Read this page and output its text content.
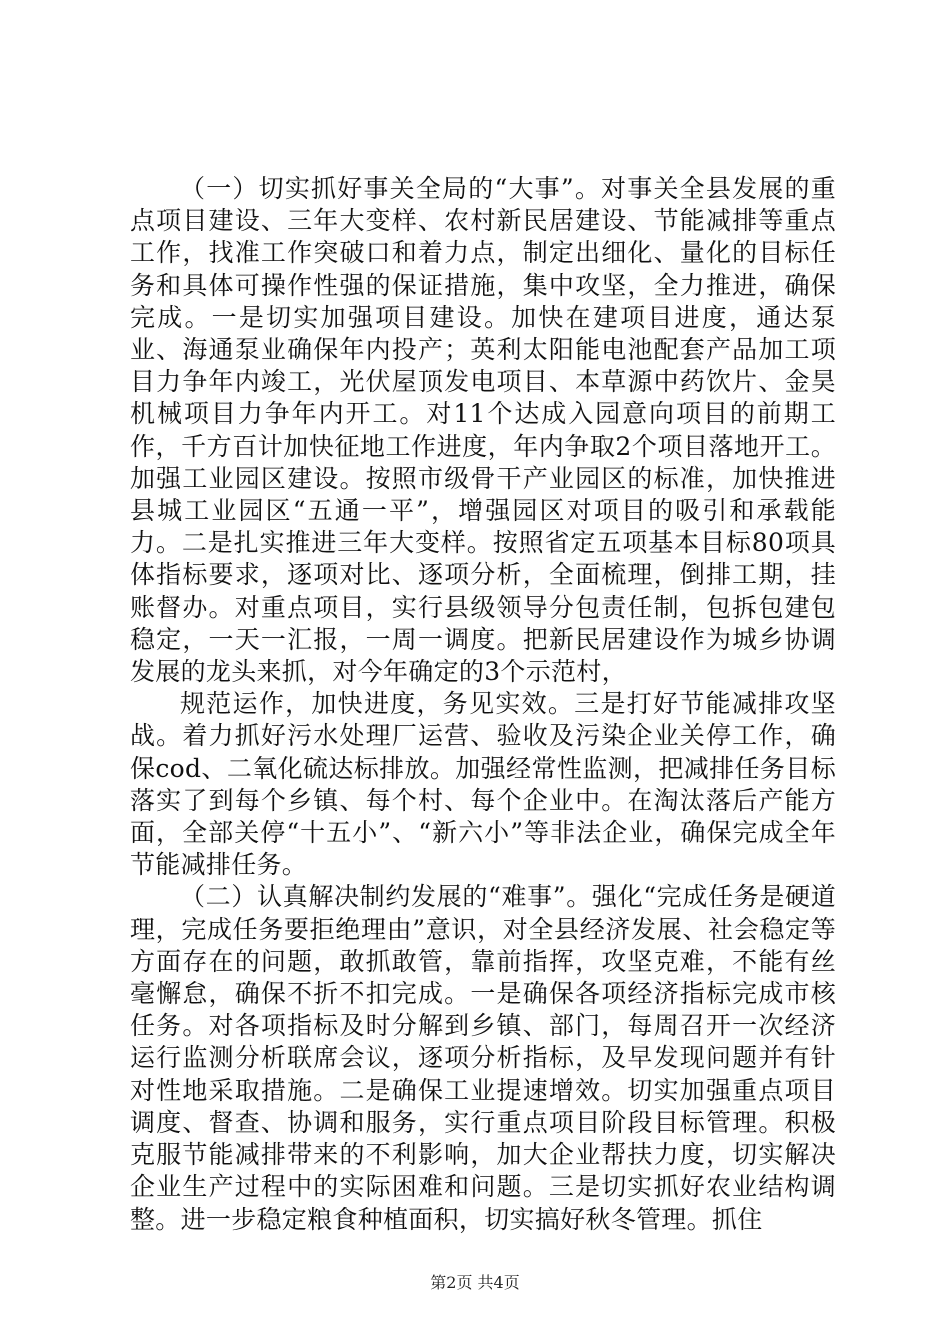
（一）切实抓好事关全局的“大事”。对事关全县发展的重点项目建设、三年大变样、农村新民居建设、节能减排等重点工作，找准工作突破口和着力点，制定出细化、量化的目标任务和具体可操作性强的保证措施，集中攻坚，全力推进，确保完成。一是切实加强项目建设。加快在建项目进度，通达泵业、海通泵业确保年内投产；英利太阳能电池配套产品加工项目力争年内竣工，光伏屋顶发电项目、本草源中药饮片、金昊机械项目力争年内开工。对11个达成入园意向项目的前期工作，千方百计加快征地工作进度，年内争取2个项目落地开工。加强工业园区建设。按照市级骨干产业园区的标准，加快推进县城工业园区“五通一平”，增强园区对项目的吸引和承载能力。二是扎实推进三年大变样。按照省定五项基本目标80项具体指标要求，逐项对比、逐项分析，全面梳理，倒排工期，挂账督办。对重点项目，实行县级领导分包责任制，包拆包建包稳定，一天一汇报，一周一调度。把新民居建设作为城乡协调发展的龙头来抓，对今年确定的3个示范村，

规范运作，加快进度，务见实效。三是打好节能减排攻坚战。着力抓好污水处理厂运营、验收及污染企业关停工作，确保cod、二氧化硫达标排放。加强经常性监测，把减排任务目标落实了到每个乡镇、每个村、每个企业中。在淘汰落后产能方面，全部关停“十五小”、“新六小”等非法企业，确保完成全年节能减排任务。

（二）认真解决制约发展的“难事”。强化“完成任务是硬道理，完成任务要拒绝理由”意识，对全县经济发展、社会稳定等方面存在的问题，敢抓敢管，靠前指挥，攻坚克难，不能有丝毫懈怠，确保不折不扣完成。一是确保各项经济指标完成市核任务。对各项指标及时分解到乡镇、部门，每周召开一次经济运行监测分析联席会议，逐项分析指标，及早发现问题并有针对性地采取措施。二是确保工业提速增效。切实加强重点项目调度、督查、协调和服务，实行重点项目阶段目标管理。积极克服节能减排带来的不利影响，加大企业帮扶力度，切实解决企业生产过程中的实际困难和问题。三是切实抓好农业结构调整。进一步稳定粮食种植面积，切实搞好秋冬管理。抓住

第2页 共4页
